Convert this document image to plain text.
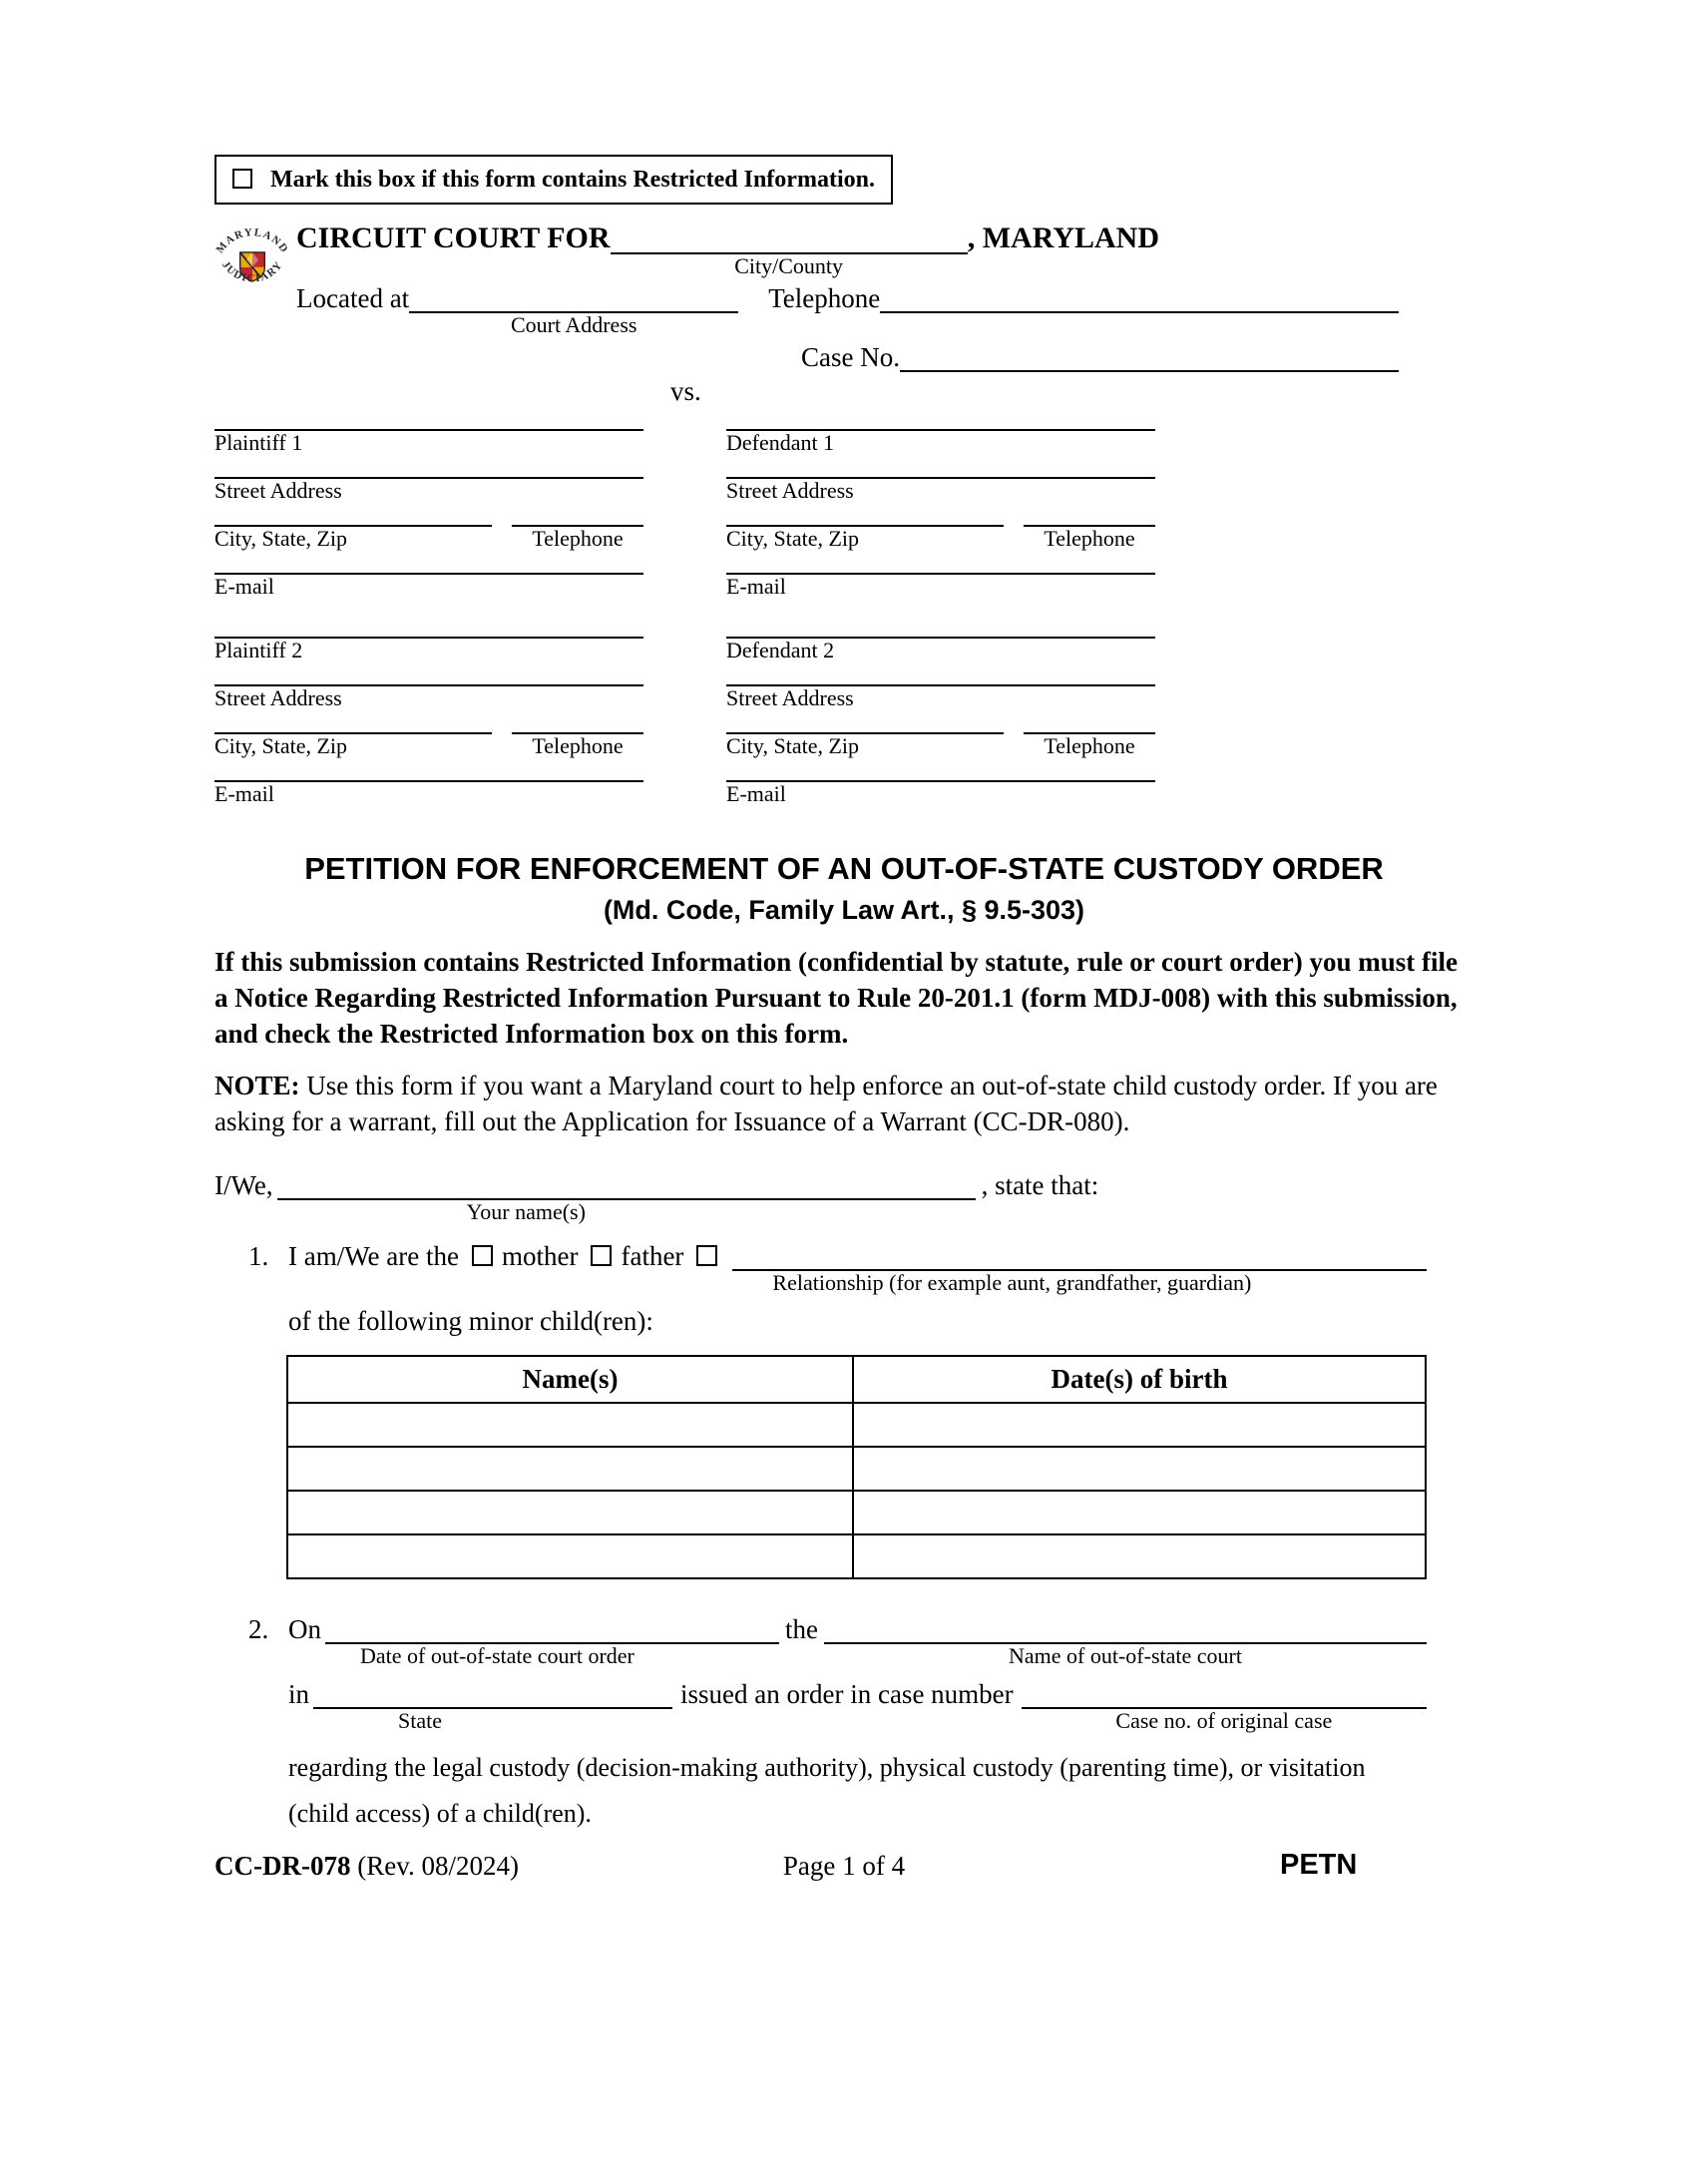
Mark this box if this form contains Restricted Information.
MARYLAND
JUDICIARY
CIRCUIT COURT FOR
City/County
, MARYLAND
Located at
Court Address
Telephone
Case No.
vs.
Plaintiff 1
Street Address
City, State, Zip	Telephone
E-mail
Plaintiff 2
Street Address
City, State, Zip	Telephone
E-mail
Defendant 1
Street Address
City, State, Zip	Telephone
E-mail
Defendant 2
Street Address
City, State, Zip	Telephone
E-mail
PETITION FOR ENFORCEMENT OF AN OUT-OF-STATE CUSTODY ORDER
(Md. Code, Family Law Art., § 9.5-303)

If this submission contains Restricted Information (confidential by statute, rule or court order) you must file a Notice Regarding Restricted Information Pursuant to Rule 20-201.1 (form MDJ-008) with this submission, and check the Restricted Information box on this form.

NOTE: Use this form if you want a Maryland court to help enforce an out-of-state child custody order. If you are asking for a warrant, fill out the Application for Issuance of a Warrant (CC-DR-080).

I/We,
Your name(s)
, state that:
1. I am/We are the mother father
Relationship (for example aunt, grandfather, guardian)
of the following minor child(ren):
Name(s)	Date(s) of birth

2. On
Date of out-of-state court order
the
Name of out-of-state court
in
State
issued an order in case number
Case no. of original case

regarding the legal custody (decision-making authority), physical custody (parenting time), or visitation (child access) of a child(ren).

CC-DR-078 (Rev. 08/2024)	Page 1 of 4	PETN
